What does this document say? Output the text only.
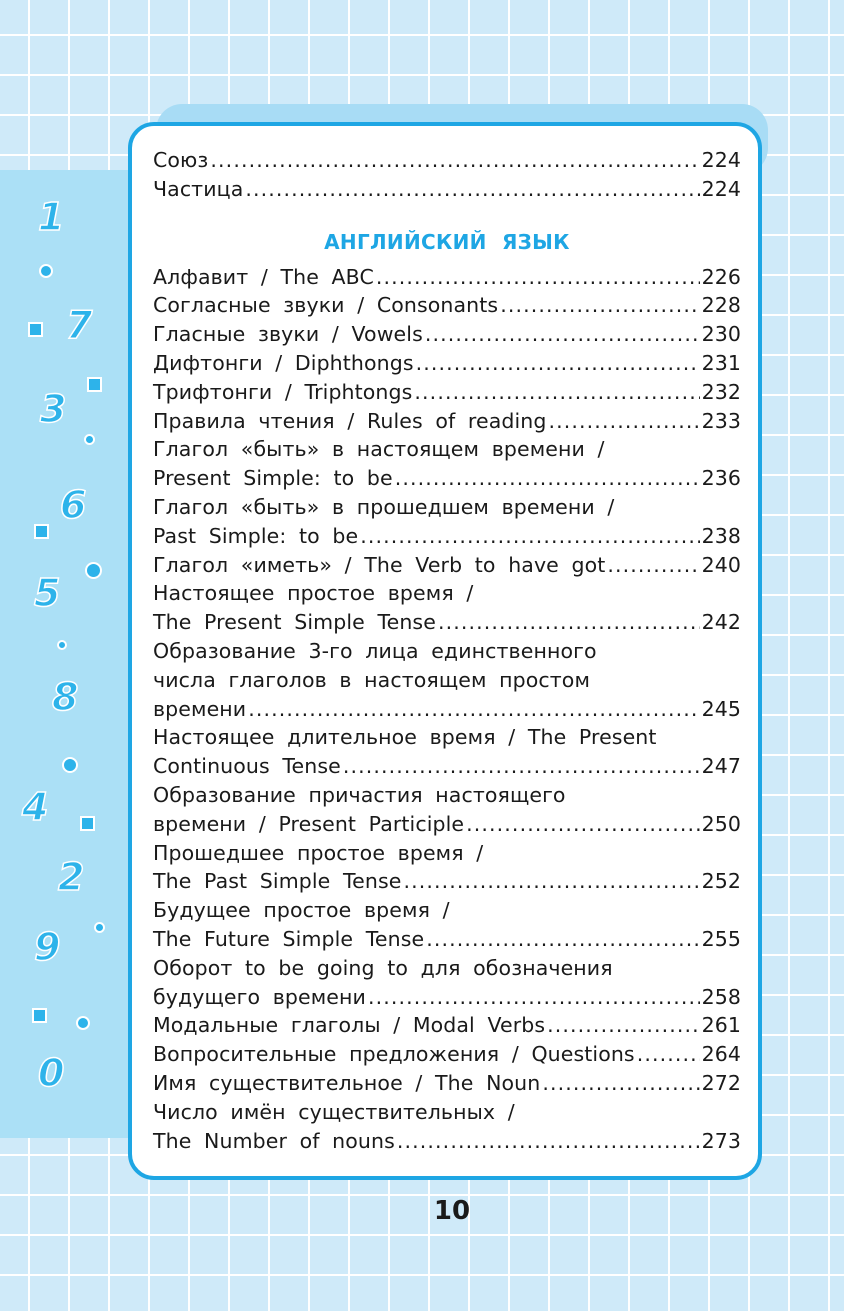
1
7
3
6
5
8
4
2
9
0
Союз . . .	224
Частица . . .	224
АНГЛИЙСКИЙ ЯЗЫК
Алфавит / The ABC . . .	226
Согласные звуки / Consonants . . .	228
Гласные звуки / Vowels . . .	230
Дифтонги / Diphthongs . . .	231
Трифтонги / Triphtongs . . .	232
Правила чтения / Rules of reading . . .	233
Глагол «быть» в настоящем времени /
Present Simple: to be . . .	236
Глагол «быть» в прошедшем времени /
Past Simple: to be . . .	238
Глагол «иметь» / The Verb to have got . . .	240
Настоящее простое время /
The Present Simple Tense . . .	242
Образование 3-го лица единственного
числа глаголов в настоящем простом
времени . . .	245
Настоящее длительное время / The Present
Continuous Tense . . .	247
Образование причастия настоящего
времени / Present Participle . . .	250
Прошедшее простое время /
The Past Simple Tense . . .	252
Будущее простое время /
The Future Simple Tense . . .	255
Оборот to be going to для обозначения
будущего времени . . .	258
Модальные глаголы / Modal Verbs . . .	261
Вопросительные предложения / Questions . . .	264
Имя существительное / The Noun . . .	272
Число имён существительных /
The Number of nouns . . .	273
10
